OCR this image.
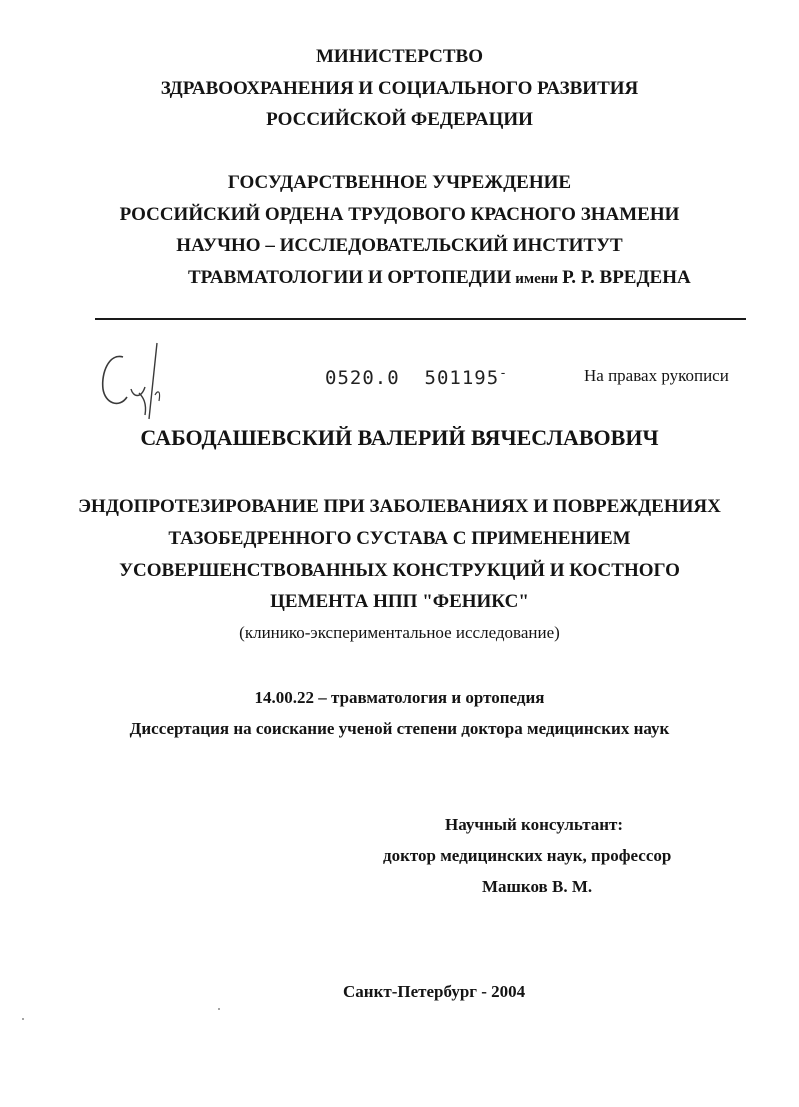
МИНИСТЕРСТВО
ЗДРАВООХРАНЕНИЯ И СОЦИАЛЬНОГО РАЗВИТИЯ
РОССИЙСКОЙ ФЕДЕРАЦИИ
ГОСУДАРСТВЕННОЕ УЧРЕЖДЕНИЕ
РОССИЙСКИЙ ОРДЕНА ТРУДОВОГО КРАСНОГО ЗНАМЕНИ
НАУЧНО – ИССЛЕДОВАТЕЛЬСКИЙ ИНСТИТУТ
ТРАВМАТОЛОГИИ И ОРТОПЕДИИ имени Р. Р. ВРЕДЕНА
0520.0 501195-	На правах рукописи
САБОДАШЕВСКИЙ ВАЛЕРИЙ ВЯЧЕСЛАВОВИЧ
ЭНДОПРОТЕЗИРОВАНИЕ ПРИ ЗАБОЛЕВАНИЯХ И ПОВРЕЖДЕНИЯХ
ТАЗОБЕДРЕННОГО СУСТАВА С ПРИМЕНЕНИЕМ
УСОВЕРШЕНСТВОВАННЫХ КОНСТРУКЦИЙ И КОСТНОГО
ЦЕМЕНТА НПП "ФЕНИКС"
(клинико-экспериментальное исследование)
14.00.22 – травматология и ортопедия
Диссертация на соискание ученой степени доктора медицинских наук
Научный консультант:
доктор медицинских наук, профессор
Машков В. М.
Санкт-Петербург - 2004
